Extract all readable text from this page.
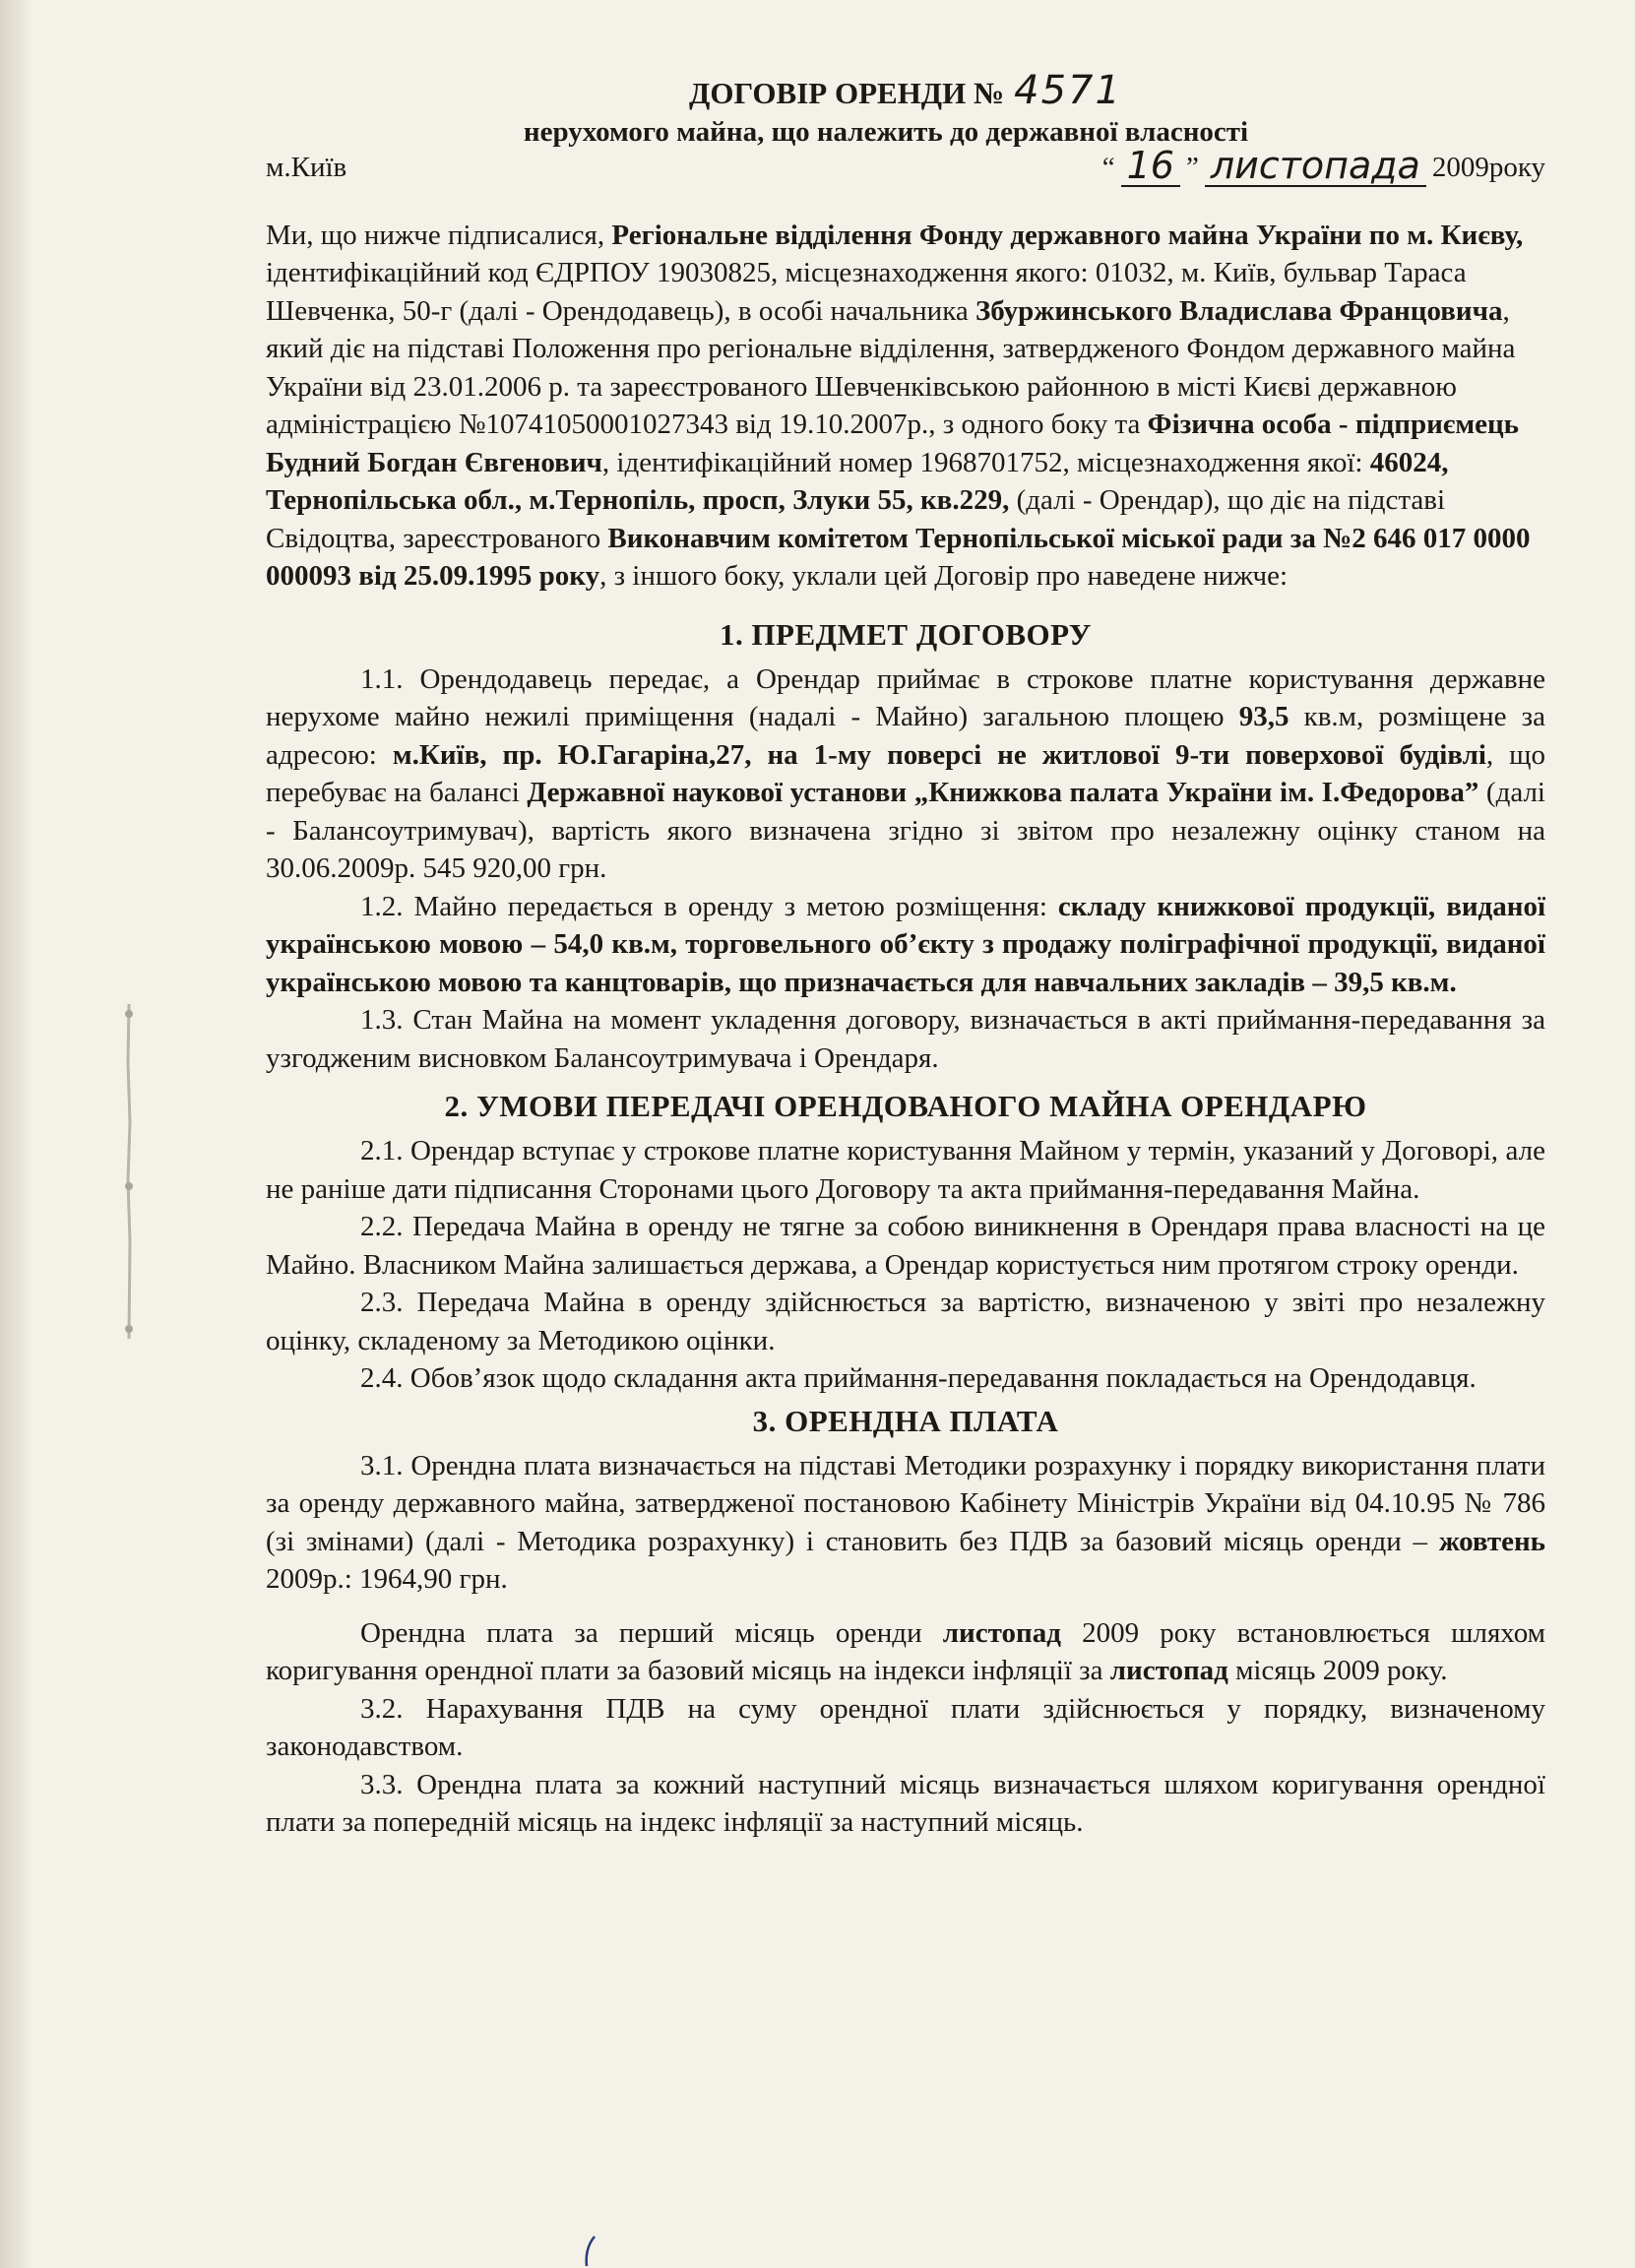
ДОГОВІР ОРЕНДИ № 4571
нерухомого майна, що належить до державної власності
м.Київ	“ 16 ” листопада 2009року

Ми, що нижче підписалися, Регіональне відділення Фонду державного майна України по м. Києву, ідентифікаційний код ЄДРПОУ 19030825, місцезнаходження якого: 01032, м. Київ, бульвар Тараса Шевченка, 50-г (далі - Орендодавець), в особі начальника Збуржинського Владислава Францовича, який діє на підставі Положення про регіональне відділення, затвердженого Фондом державного майна України від 23.01.2006 р. та зареєстрованого Шевченківською районною в місті Києві державною адміністрацією №10741050001027343 від 19.10.2007р., з одного боку та Фізична особа - підприємець Будний Богдан Євгенович, ідентифікаційний номер 1968701752, місцезнаходження якої: 46024, Тернопільська обл., м.Тернопіль, просп, Злуки 55, кв.229, (далі - Орендар), що діє на підставі Свідоцтва, зареєстрованого Виконавчим комітетом Тернопільської міської ради за №2 646 017 0000 000093 від 25.09.1995 року, з іншого боку, уклали цей Договір про наведене нижче:

1. ПРЕДМЕТ ДОГОВОРУ

1.1. Орендодавець передає, а Орендар приймає в строкове платне користування державне нерухоме майно нежилі приміщення (надалі - Майно) загальною площею 93,5 кв.м, розміщене за адресою: м.Київ, пр. Ю.Гагаріна,27, на 1-му поверсі не житлової 9-ти поверхової будівлі, що перебуває на балансі Державної наукової установи „Книжкова палата України ім. І.Федорова” (далі - Балансоутримувач), вартість якого визначена згідно зі звітом про незалежну оцінку станом на 30.06.2009р. 545 920,00 грн.

1.2. Майно передається в оренду з метою розміщення: складу книжкової продукції, виданої українською мовою – 54,0 кв.м, торговельного об’єкту з продажу поліграфічної продукції, виданої українською мовою та канцтоварів, що призначається для навчальних закладів – 39,5 кв.м.

1.3. Стан Майна на момент укладення договору, визначається в акті приймання-передавання за узгодженим висновком Балансоутримувача і Орендаря.

2. УМОВИ ПЕРЕДАЧІ ОРЕНДОВАНОГО МАЙНА ОРЕНДАРЮ

2.1. Орендар вступає у строкове платне користування Майном у термін, указаний у Договорі, але не раніше дати підписання Сторонами цього Договору та акта приймання-передавання Майна.

2.2. Передача Майна в оренду не тягне за собою виникнення в Орендаря права власності на це Майно. Власником Майна залишається держава, а Орендар користується ним протягом строку оренди.

2.3. Передача Майна в оренду здійснюється за вартістю, визначеною у звіті про незалежну оцінку, складеному за Методикою оцінки.

2.4. Обов’язок щодо складання акта приймання-передавання покладається на Орендодавця.

3. ОРЕНДНА ПЛАТА

3.1. Орендна плата визначається на підставі Методики розрахунку і порядку використання плати за оренду державного майна, затвердженої постановою Кабінету Міністрів України від 04.10.95 № 786 (зі змінами) (далі - Методика розрахунку) і становить без ПДВ за базовий місяць оренди – жовтень 2009р.: 1964,90 грн.

Орендна плата за перший місяць оренди листопад 2009 року встановлюється шляхом коригування орендної плати за базовий місяць на індекси інфляції за листопад місяць 2009 року.

3.2. Нарахування ПДВ на суму орендної плати здійснюється у порядку, визначеному законодавством.

3.3. Орендна плата за кожний наступний місяць визначається шляхом коригування орендної плати за попередній місяць на індекс інфляції за наступний місяць.
